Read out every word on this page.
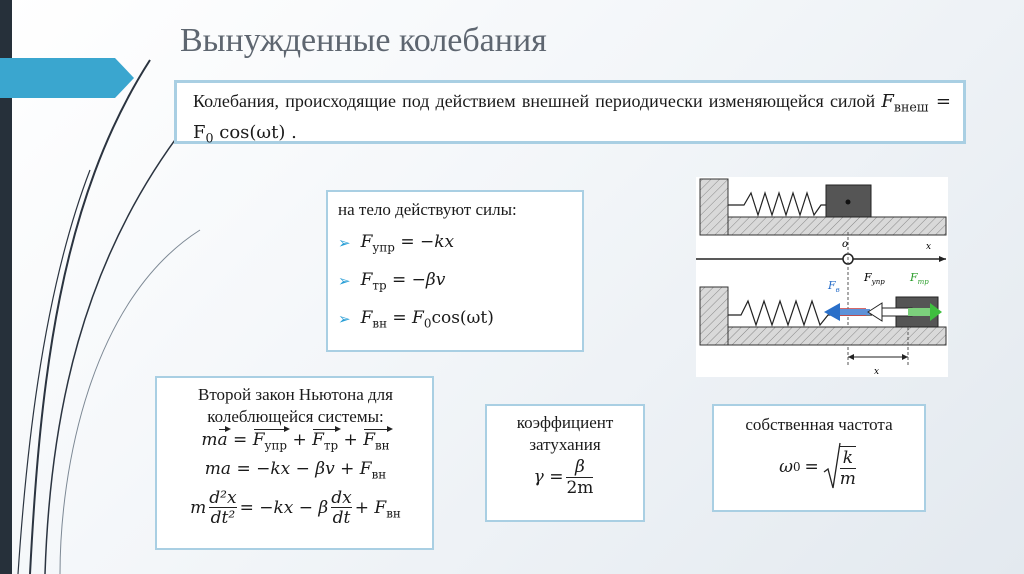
Вынужденные колебания
Колебания, происходящие под действием внешней периодически изменяющейся силой $F_{внеш} = F_0$ cos(ωt) .
на тело действуют силы:
➢ $F_{упр} = -kx$
➢ $F_{тр} = -\beta v$
➢ $F_{вн} = F_0\cos(\omega t)$
o	x
$F_в$
$F_{упр}$ $F_{тр}$
x
Второй закон Ньютона для
колеблющейся системы:
ma = $F_{упр} + F_{тр} + F_{вн}$
ma = $-kx - \beta v + F_{вн}$
m $\frac{\text{d²x}}{\text{dt²}} = -kx - \beta \frac{dx}{dt} + F_{вн}$
коэффициент
затухания
$\gamma = \frac{\beta}{2m}$
собственная частота
ω $0 = \frac{k}{m}$
